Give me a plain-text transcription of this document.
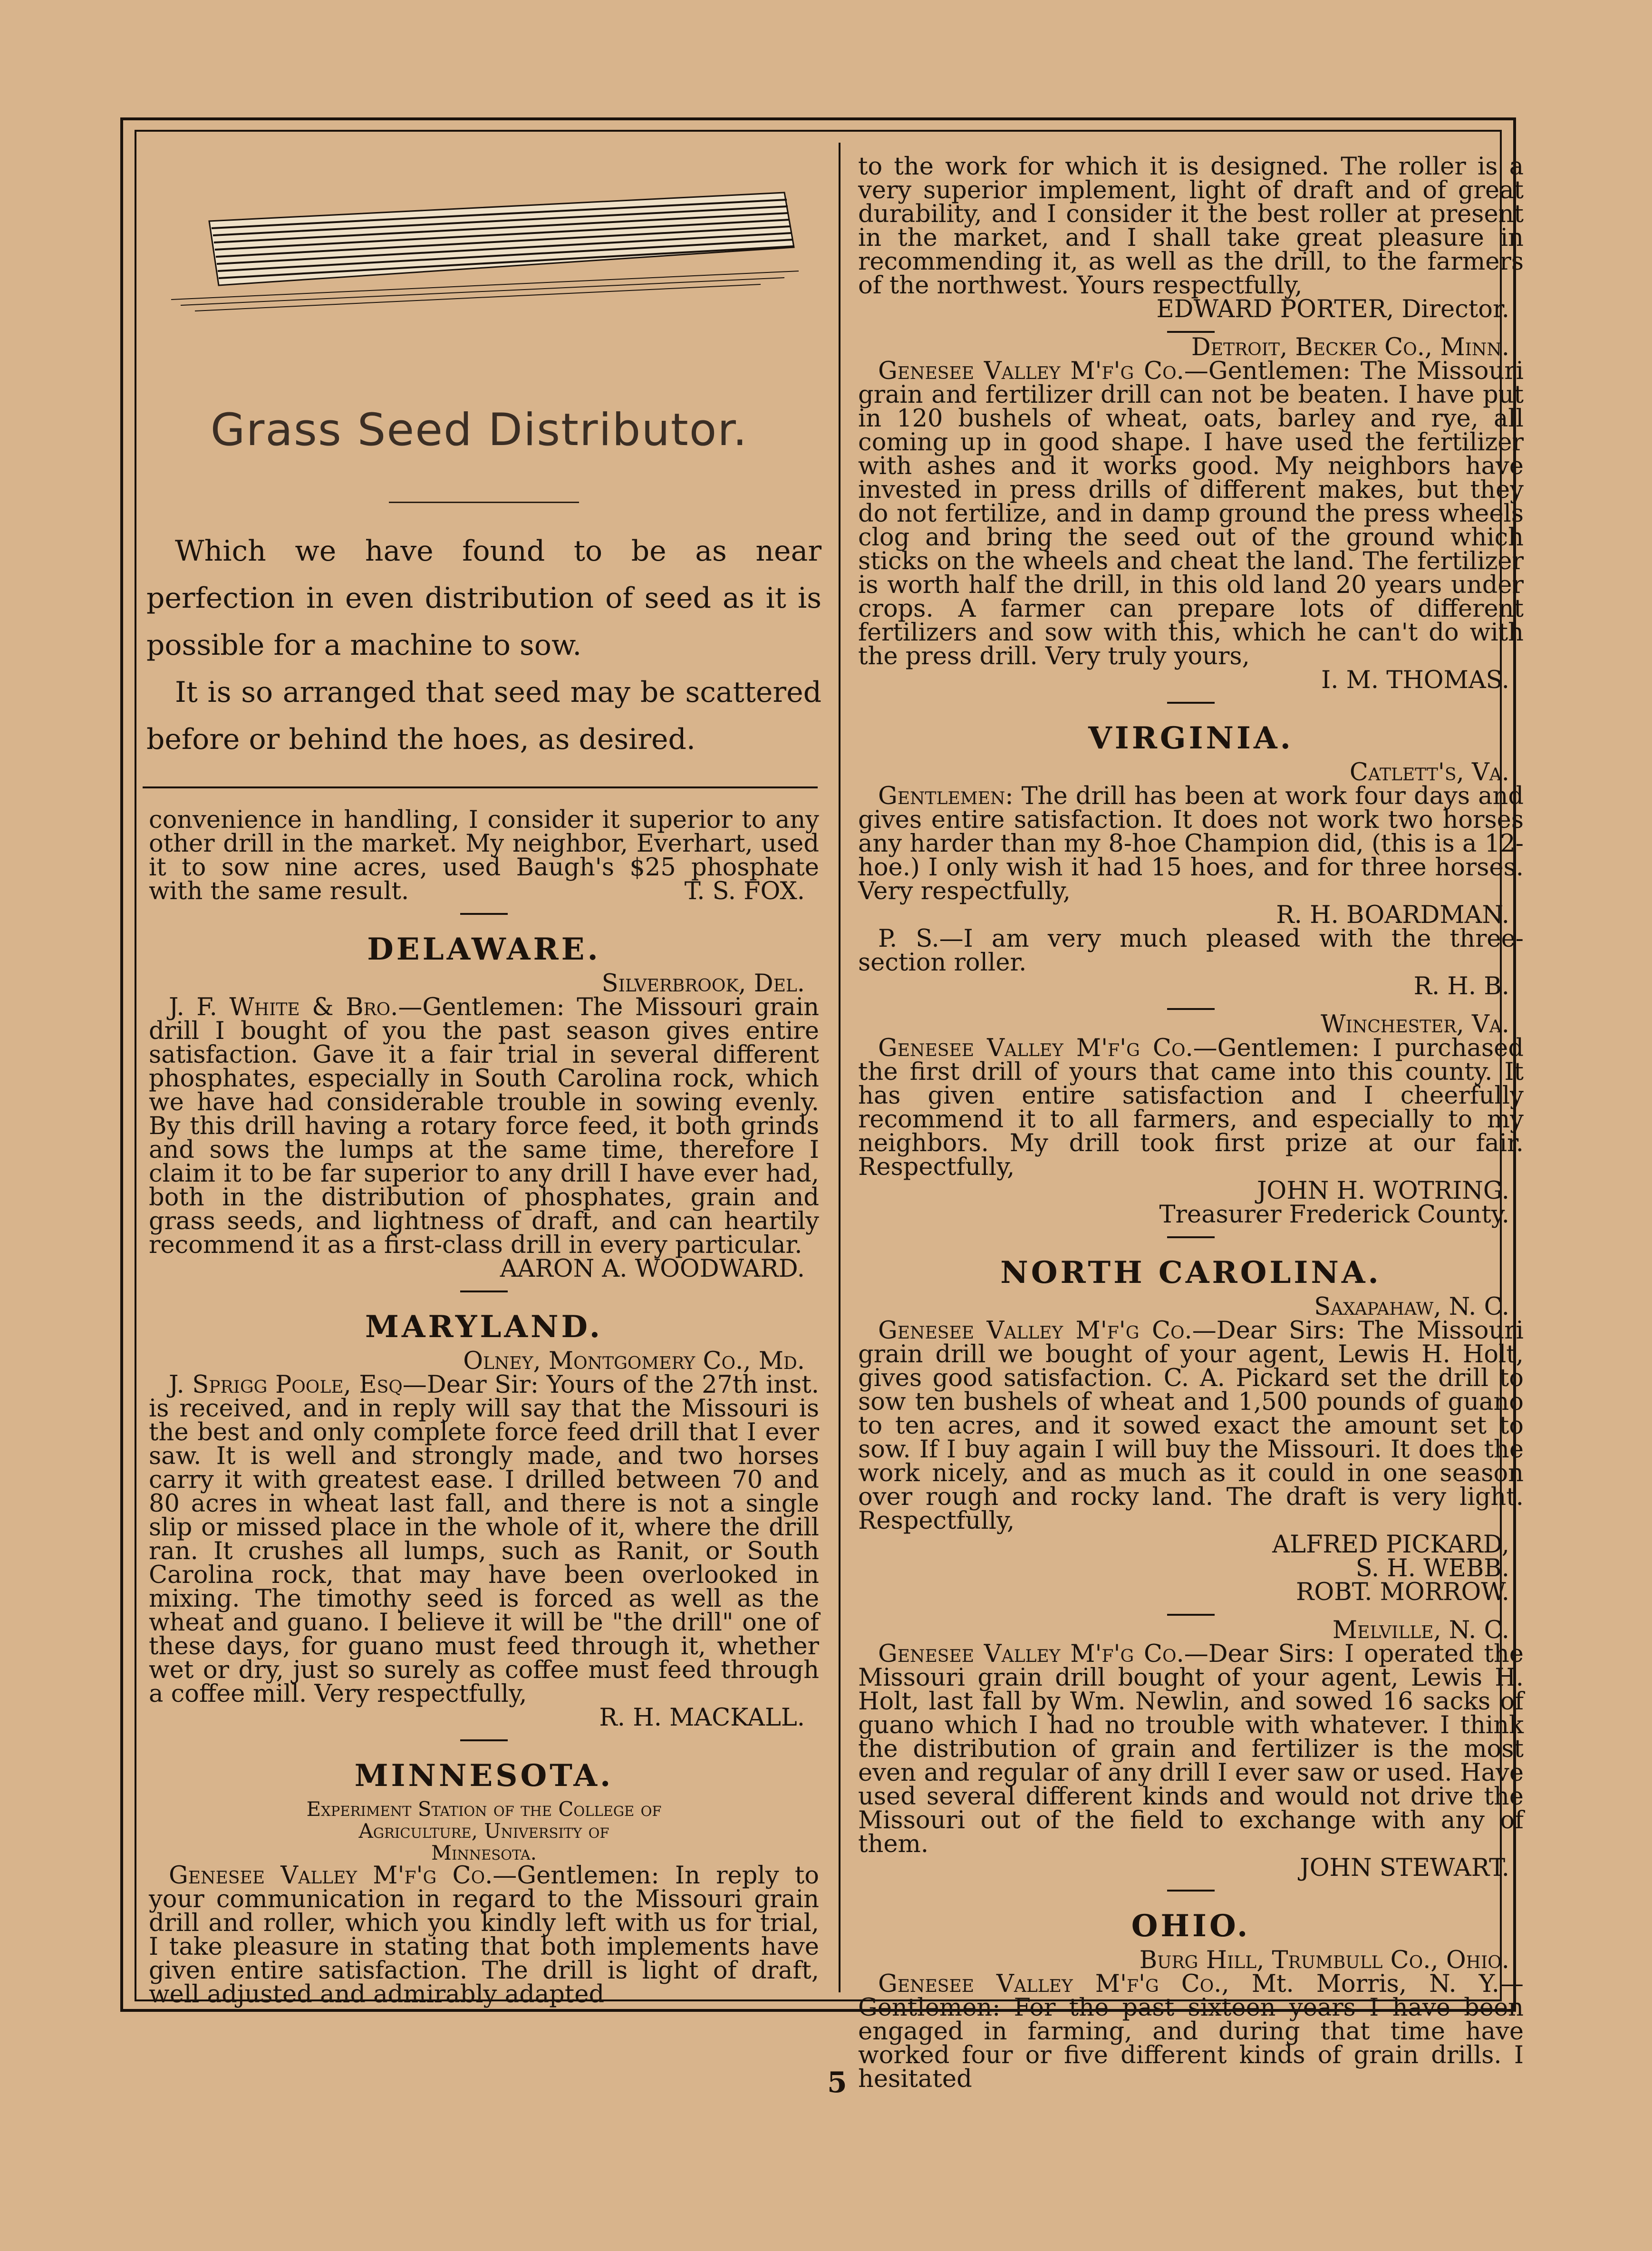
Grass Seed Distributor.

Which we have found to be as near perfection in even distribution of seed as it is possible for a machine to sow.

It is so arranged that seed may be scattered before or behind the hoes, as desired.

convenience in handling, I consider it superior to any other drill in the market. My neighbor, Everhart, used it to sow nine acres, used Baugh's $25 phosphate with the same result.	T. S. FOX.

DELAWARE.
Silverbrook, Del.

J. F. White & Bro.—Gentlemen: The Missouri grain drill I bought of you the past season gives entire satisfaction. Gave it a fair trial in several different phosphates, especially in South Carolina rock, which we have had considerable trouble in sowing evenly. By this drill having a rotary force feed, it both grinds and sows the lumps at the same time, therefore I claim it to be far superior to any drill I have ever had, both in the distribution of phosphates, grain and grass seeds, and lightness of draft, and can heartily recommend it as a first-class drill in every particular.

AARON A. WOODWARD.
MARYLAND.
Olney, Montgomery Co., Md.

J. Sprigg Poole, Esq—Dear Sir: Yours of the 27th inst. is received, and in reply will say that the Missouri is the best and only complete force feed drill that I ever saw. It is well and strongly made, and two horses carry it with greatest ease. I drilled between 70 and 80 acres in wheat last fall, and there is not a single slip or missed place in the whole of it, where the drill ran. It crushes all lumps, such as Ranit, or South Carolina rock, that may have been overlooked in mixing. The timothy seed is forced as well as the wheat and guano. I believe it will be "the drill" one of these days, for guano must feed through it, whether wet or dry, just so surely as coffee must feed through a coffee mill. Very respectfully,

R. H. MACKALL.
MINNESOTA.
Experiment Station of the College of
Agriculture, University of
Minnesota.

Genesee Valley M'f'g Co.—Gentlemen: In reply to your communication in regard to the Missouri grain drill and roller, which you kindly left with us for trial, I take pleasure in stating that both implements have given entire satisfaction. The drill is light of draft, well adjusted and admirably adapted

to the work for which it is designed. The roller is a very superior implement, light of draft and of great durability, and I consider it the best roller at present in the market, and I shall take great pleasure in recommending it, as well as the drill, to the farmers of the northwest. Yours respectfully,

EDWARD PORTER, Director.
Detroit, Becker Co., Minn.

Genesee Valley M'f'g Co.—Gentlemen: The Missouri grain and fertilizer drill can not be beaten. I have put in 120 bushels of wheat, oats, barley and rye, all coming up in good shape. I have used the fertilizer with ashes and it works good. My neighbors have invested in press drills of different makes, but they do not fertilize, and in damp ground the press wheels clog and bring the seed out of the ground which sticks on the wheels and cheat the land. The fertilizer is worth half the drill, in this old land 20 years under crops. A farmer can prepare lots of different fertilizers and sow with this, which he can't do with the press drill. Very truly yours,

I. M. THOMAS.
VIRGINIA.
Catlett's, Va.

Gentlemen: The drill has been at work four days and gives entire satisfaction. It does not work two horses any harder than my 8-hoe Champion did, (this is a 12-hoe.) I only wish it had 15 hoes, and for three horses. Very respectfully,

R. H. BOARDMAN.

P. S.—I am very much pleased with the three-section roller.

R. H. B.
Winchester, Va.

Genesee Valley M'f'g Co.—Gentlemen: I purchased the first drill of yours that came into this county. It has given entire satisfaction and I cheerfully recommend it to all farmers, and especially to my neighbors. My drill took first prize at our fair. Respectfully,

JOHN H. WOTRING.
Treasurer Frederick County.
NORTH CAROLINA.
Saxapahaw, N. C.

Genesee Valley M'f'g Co.—Dear Sirs: The Missouri grain drill we bought of your agent, Lewis H. Holt, gives good satisfaction. C. A. Pickard set the drill to sow ten bushels of wheat and 1,500 pounds of guano to ten acres, and it sowed exact the amount set to sow. If I buy again I will buy the Missouri. It does the work nicely, and as much as it could in one season over rough and rocky land. The draft is very light. Respectfully,

ALFRED PICKARD,
S. H. WEBB.
ROBT. MORROW.
Melville, N. C.

Genesee Valley M'f'g Co.—Dear Sirs: I operated the Missouri grain drill bought of your agent, Lewis H. Holt, last fall by Wm. Newlin, and sowed 16 sacks of guano which I had no trouble with whatever. I think the distribution of grain and fertilizer is the most even and regular of any drill I ever saw or used. Have used several different kinds and would not drive the Missouri out of the field to exchange with any of them.

JOHN STEWART.
OHIO.
Burg Hill, Trumbull Co., Ohio.

Genesee Valley M'f'g Co., Mt. Morris, N. Y.—Gentlemen: For the past sixteen years I have been engaged in farming, and during that time have worked four or five different kinds of grain drills. I hesitated

5
